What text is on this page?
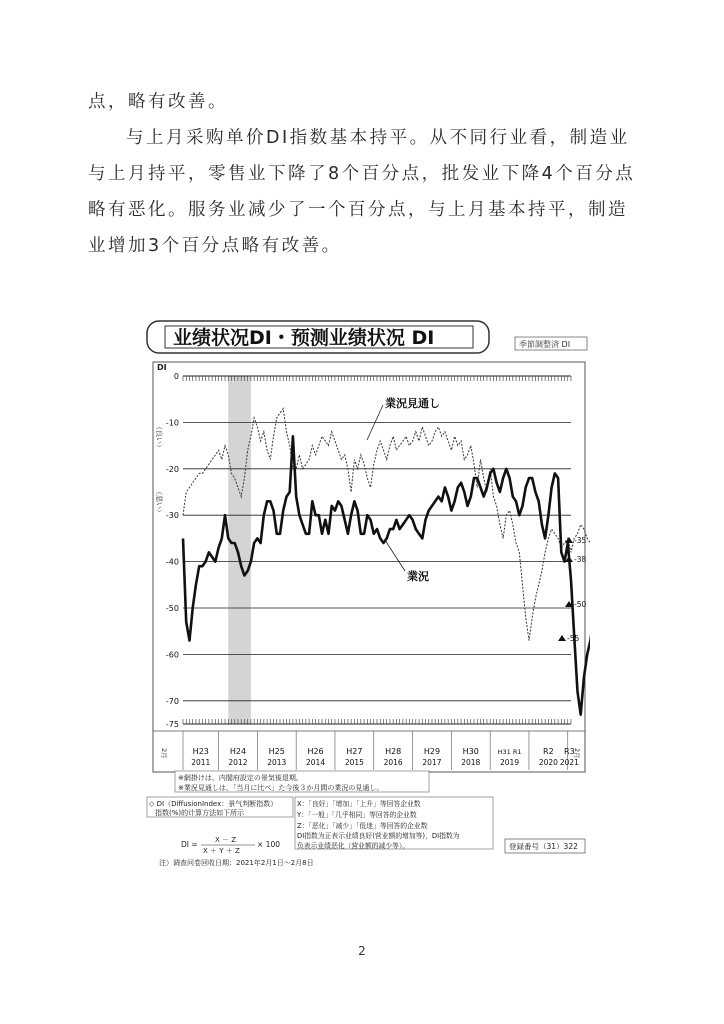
点，略有改善。
与上月采购单价DI指数基本持平。从不同行业看，制造业
与上月持平，零售业下降了8个百分点，批发业下降4个百分点
略有恶化。服务业减少了一个百分点，与上月基本持平，制造
业增加3个百分点略有改善。
业绩状况DI・预测业绩状况 DI	季節調整済 DI
DI
（良い）
（悪い）
0
-10
-20
-30
-40
-50
-60
-70
-75
業況見通し
業況
-35
-38
-50
-55
H23
2011
H24
2012
H25
2013
H26
2014
H27
2015
H28
2016
H29
2017
H30
2018
H31 R1
2019
R2
2020
R3
2021
2月	2月
※網掛けは、内閣府設定の景気後退期。
※業況見通しは、「当月に比べ」た今後３か月間の業況の見通し。
◇ DI（DiffusionIndex：景气判断指数）
指数(%)的计算方法如下所示
DI = X － Z
X ＋ Y ＋ Z
× 100
X：「良好」「增加」「上升」等回答企业数
Y：「一般」「几乎相同」等回答的企业数
Z：「恶化」「减少」「低迷」等回答的企业数
DI指数为正表示业绩良好(营业额的增加等)，DI指数为
负表示业绩恶化（营业额的减少等）。	登録番号（31）322
注）调查问卷回收日期：2021年2月1日～2月8日
2
